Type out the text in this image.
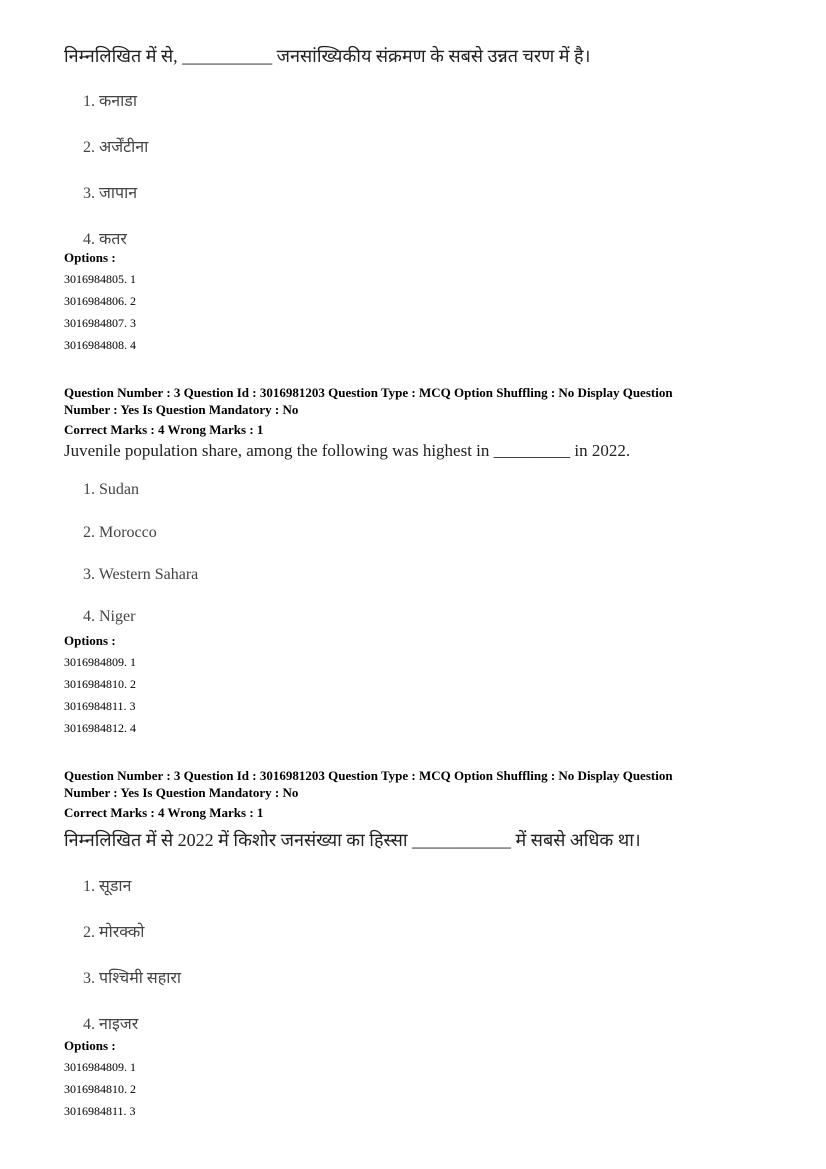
निम्नलिखित में से, __________ जनसांख्यिकीय संक्रमण के सबसे उन्नत चरण में है।
1. कनाडा
2. अर्जेंटीना
3. जापान
4. कतर
Options :
3016984805. 1
3016984806. 2
3016984807. 3
3016984808. 4
Question Number : 3 Question Id : 3016981203 Question Type : MCQ Option Shuffling : No Display Question
Number : Yes Is Question Mandatory : No
Correct Marks : 4 Wrong Marks : 1
Juvenile population share, among the following was highest in _________ in 2022.
1. Sudan
2. Morocco
3. Western Sahara
4. Niger
Options :
3016984809. 1
3016984810. 2
3016984811. 3
3016984812. 4
Question Number : 3 Question Id : 3016981203 Question Type : MCQ Option Shuffling : No Display Question
Number : Yes Is Question Mandatory : No
Correct Marks : 4 Wrong Marks : 1
निम्नलिखित में से 2022 में किशोर जनसंख्या का हिस्सा ___________ में सबसे अधिक था।
1. सूडान
2. मोरक्को
3. पश्चिमी सहारा
4. नाइजर
Options :
3016984809. 1
3016984810. 2
3016984811. 3
